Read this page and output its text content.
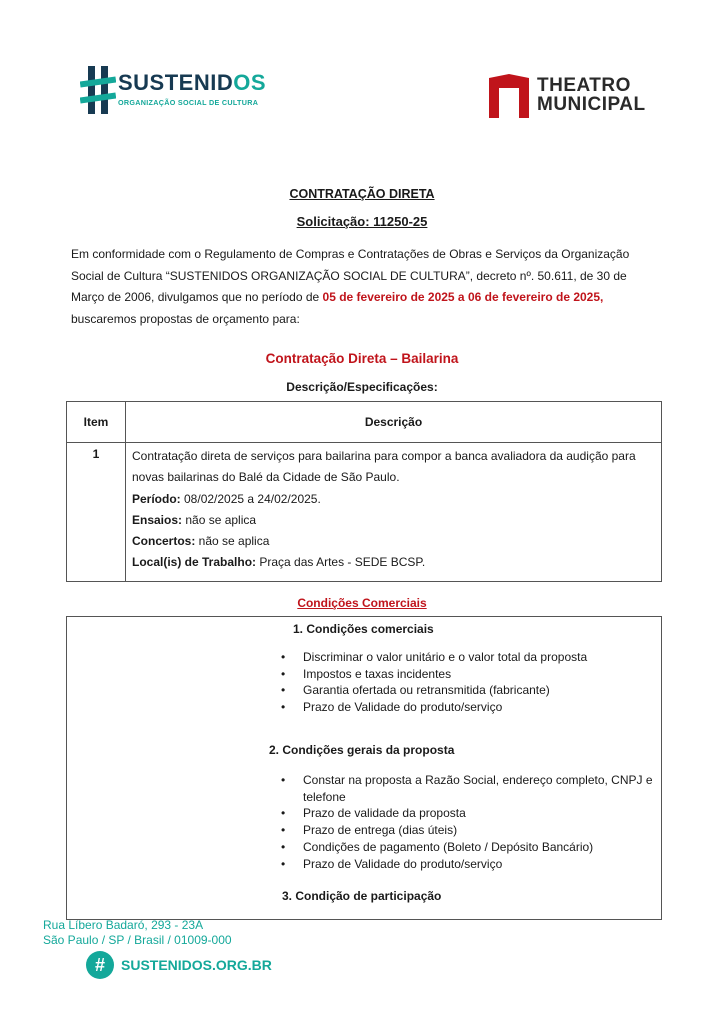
SUSTENIDOS
ORGANIZAÇÃO SOCIAL DE CULTURA
THEATRO
MUNICIPAL
CONTRATAÇÃO DIRETA
Solicitação: 11250-25
Em conformidade com o Regulamento de Compras e Contratações de Obras e Serviços da Organização Social de Cultura “SUSTENIDOS ORGANIZAÇÃO SOCIAL DE CULTURA”, decreto nº. 50.611, de 30 de Março de 2006, divulgamos que no período de 05 de fevereiro de 2025 a 06 de fevereiro de 2025,
buscaremos propostas de orçamento para:
Contratação Direta – Bailarina
Descrição/Especificações:
Item	Descrição
1	Contratação direta de serviços para bailarina para compor a banca avaliadora da audição para novas bailarinas do Balé da Cidade de São Paulo.
Período: 08/02/2025 a 24/02/2025.
Ensaios: não se aplica
Concertos: não se aplica
Local(is) de Trabalho: Praça das Artes - SEDE BCSP.
Condições Comerciais
1. Condições comerciais
• Discriminar o valor unitário e o valor total da proposta
• Impostos e taxas incidentes
• Garantia ofertada ou retransmitida (fabricante)
• Prazo de Validade do produto/serviço
2. Condições gerais da proposta
• Constar na proposta a Razão Social, endereço completo, CNPJ e telefone
• Prazo de validade da proposta
• Prazo de entrega (dias úteis)
• Condições de pagamento (Boleto / Depósito Bancário)
• Prazo de Validade do produto/serviço
3. Condição de participação
Rua Líbero Badaró, 293 - 23A
São Paulo / SP / Brasil / 01009-000
#	SUSTENIDOS.ORG.BR
